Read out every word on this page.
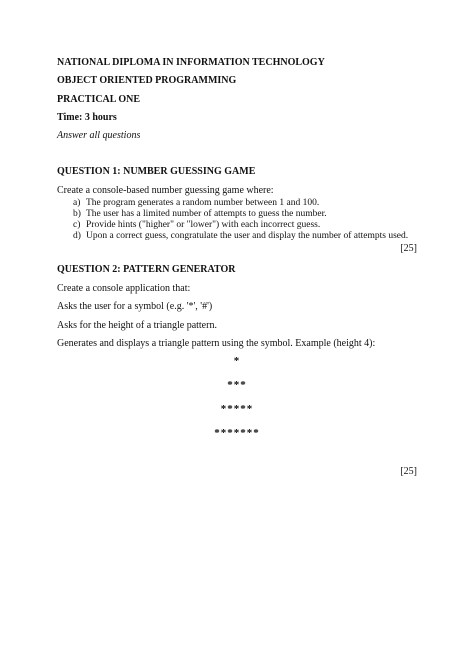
NATIONAL DIPLOMA IN INFORMATION TECHNOLOGY
OBJECT ORIENTED PROGRAMMING
PRACTICAL ONE
Time: 3 hours
Answer all questions
QUESTION 1: NUMBER GUESSING GAME
Create a console-based number guessing game where:
a) The program generates a random number between 1 and 100.
b) The user has a limited number of attempts to guess the number.
c) Provide hints ("higher" or "lower") with each incorrect guess.
d) Upon a correct guess, congratulate the user and display the number of attempts used.
[25]
QUESTION 2: PATTERN GENERATOR
Create a console application that:
Asks the user for a symbol (e.g. '*', '#')
Asks for the height of a triangle pattern.
Generates and displays a triangle pattern using the symbol. Example (height 4):
*
***
*****
*******
[25]
